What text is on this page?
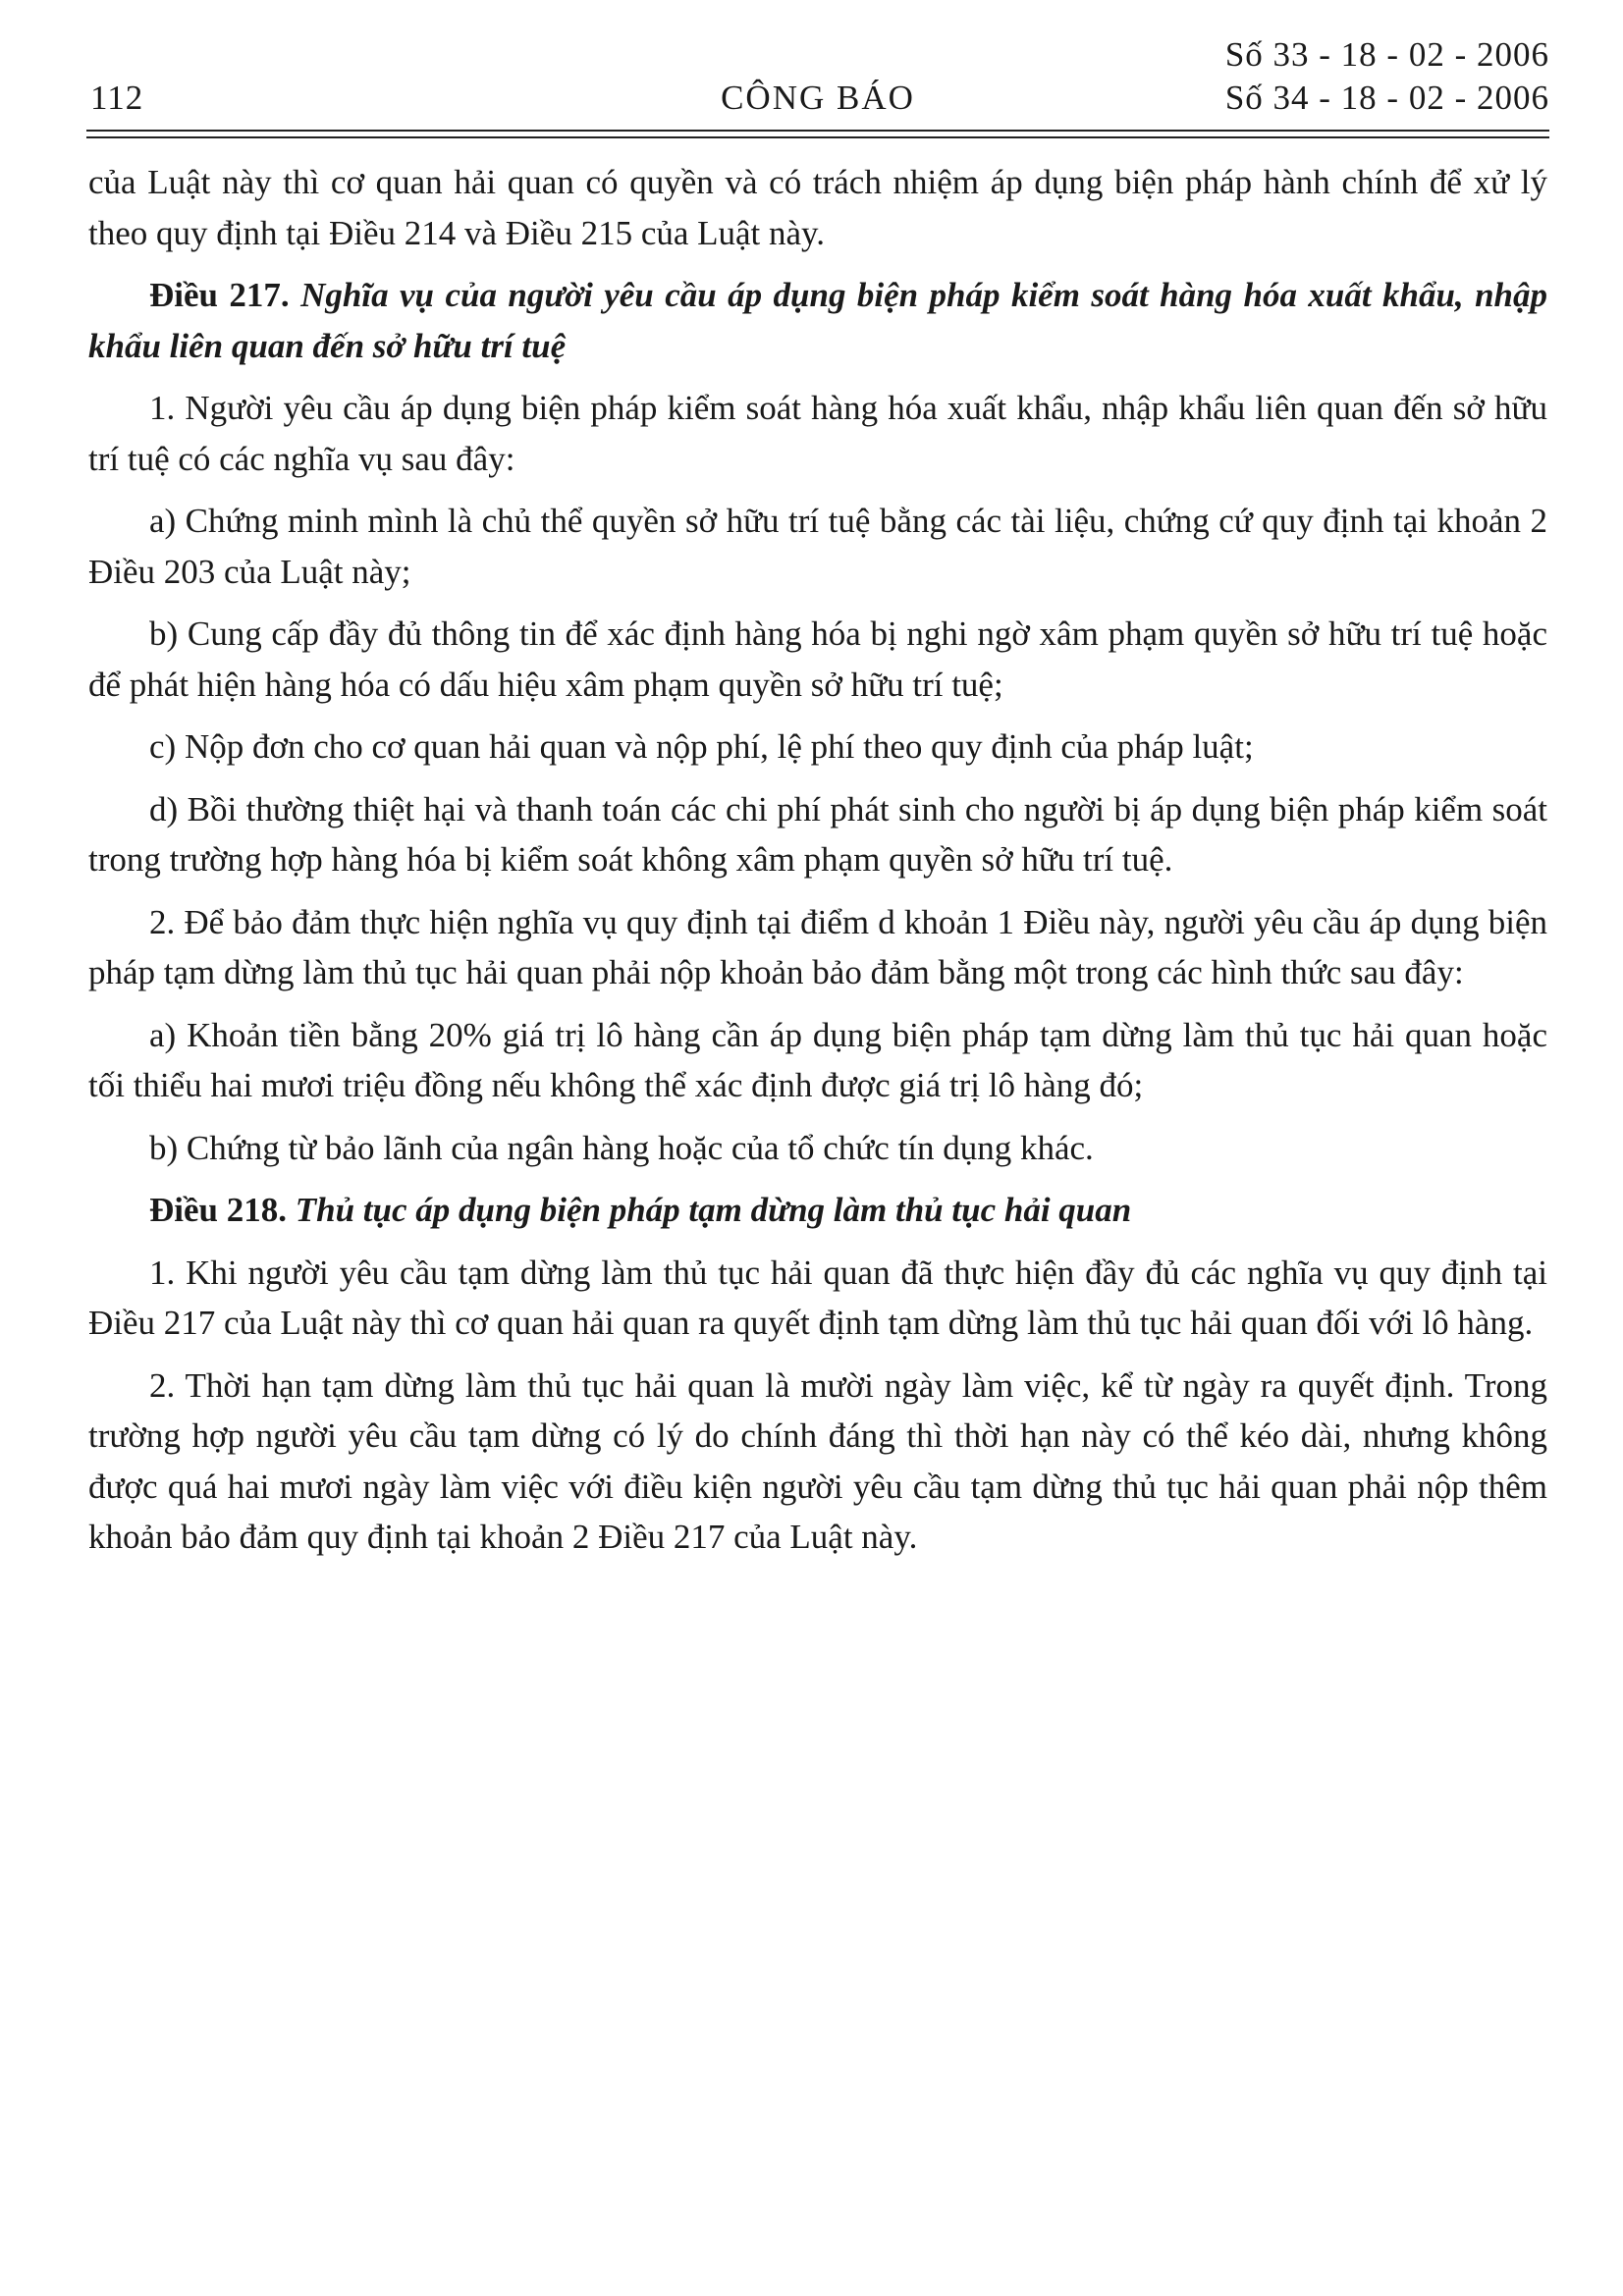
112	CÔNG BÁO
Số 33 - 18 - 02 - 2006
Số 34 - 18 - 02 - 2006

của Luật này thì cơ quan hải quan có quyền và có trách nhiệm áp dụng biện pháp hành chính để xử lý theo quy định tại Điều 214 và Điều 215 của Luật này.

Điều 217. Nghĩa vụ của người yêu cầu áp dụng biện pháp kiểm soát hàng hóa xuất khẩu, nhập khẩu liên quan đến sở hữu trí tuệ

1. Người yêu cầu áp dụng biện pháp kiểm soát hàng hóa xuất khẩu, nhập khẩu liên quan đến sở hữu trí tuệ có các nghĩa vụ sau đây:

a) Chứng minh mình là chủ thể quyền sở hữu trí tuệ bằng các tài liệu, chứng cứ quy định tại khoản 2 Điều 203 của Luật này;

b) Cung cấp đầy đủ thông tin để xác định hàng hóa bị nghi ngờ xâm phạm quyền sở hữu trí tuệ hoặc để phát hiện hàng hóa có dấu hiệu xâm phạm quyền sở hữu trí tuệ;

c) Nộp đơn cho cơ quan hải quan và nộp phí, lệ phí theo quy định của pháp luật;

d) Bồi thường thiệt hại và thanh toán các chi phí phát sinh cho người bị áp dụng biện pháp kiểm soát trong trường hợp hàng hóa bị kiểm soát không xâm phạm quyền sở hữu trí tuệ.

2. Để bảo đảm thực hiện nghĩa vụ quy định tại điểm d khoản 1 Điều này, người yêu cầu áp dụng biện pháp tạm dừng làm thủ tục hải quan phải nộp khoản bảo đảm bằng một trong các hình thức sau đây:

a) Khoản tiền bằng 20% giá trị lô hàng cần áp dụng biện pháp tạm dừng làm thủ tục hải quan hoặc tối thiểu hai mươi triệu đồng nếu không thể xác định được giá trị lô hàng đó;

b) Chứng từ bảo lãnh của ngân hàng hoặc của tổ chức tín dụng khác.

Điều 218. Thủ tục áp dụng biện pháp tạm dừng làm thủ tục hải quan

1. Khi người yêu cầu tạm dừng làm thủ tục hải quan đã thực hiện đầy đủ các nghĩa vụ quy định tại Điều 217 của Luật này thì cơ quan hải quan ra quyết định tạm dừng làm thủ tục hải quan đối với lô hàng.

2. Thời hạn tạm dừng làm thủ tục hải quan là mười ngày làm việc, kể từ ngày ra quyết định. Trong trường hợp người yêu cầu tạm dừng có lý do chính đáng thì thời hạn này có thể kéo dài, nhưng không được quá hai mươi ngày làm việc với điều kiện người yêu cầu tạm dừng thủ tục hải quan phải nộp thêm khoản bảo đảm quy định tại khoản 2 Điều 217 của Luật này.
